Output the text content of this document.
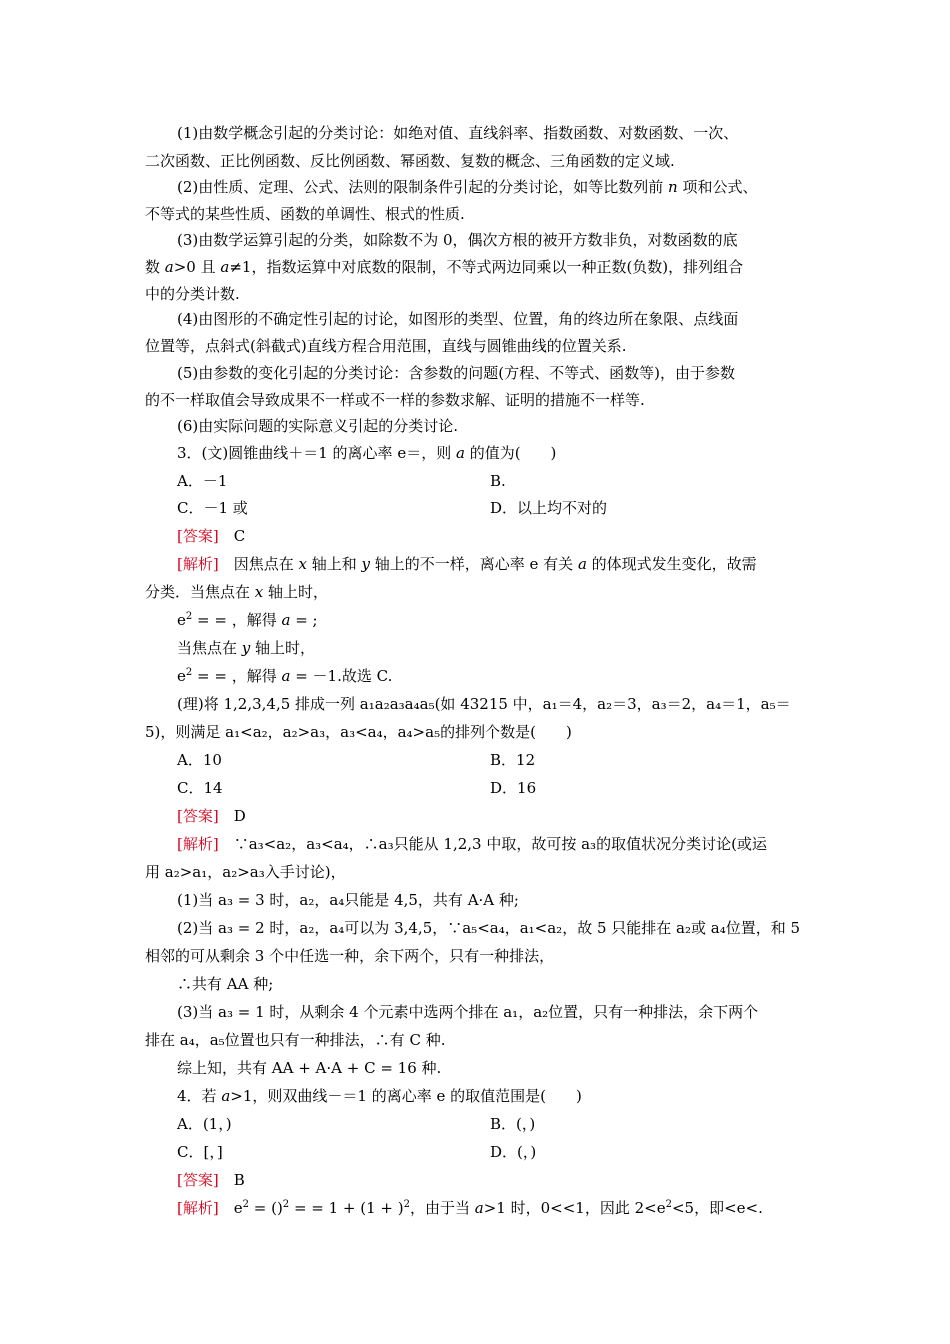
(1)由数学概念引起的分类讨论：如绝对值、直线斜率、指数函数、对数函数、一次、
二次函数、正比例函数、反比例函数、幂函数、复数的概念、三角函数的定义域.
(2)由性质、定理、公式、法则的限制条件引起的分类讨论，如等比数列前 n 项和公式、
不等式的某些性质、函数的单调性、根式的性质.
(3)由数学运算引起的分类，如除数不为 0，偶次方根的被开方数非负，对数函数的底
数 a>0 且 a≠1，指数运算中对底数的限制，不等式两边同乘以一种正数(负数)，排列组合
中的分类计数.
(4)由图形的不确定性引起的讨论，如图形的类型、位置，角的终边所在象限、点线面
位置等，点斜式(斜截式)直线方程合用范围，直线与圆锥曲线的位置关系.
(5)由参数的变化引起的分类讨论：含参数的问题(方程、不等式、函数等)，由于参数
的不一样取值会导致成果不一样或不一样的参数求解、证明的措施不一样等.
(6)由实际问题的实际意义引起的分类讨论.
3．(文)圆锥曲线＋＝1 的离心率 e＝，则 a 的值为(　　)
A．－1	B.
C．－1 或	D．以上均不对的
[答案]　C
[解析]　因焦点在 x 轴上和 y 轴上的不一样，离心率 e 有关 a 的体现式发生变化，故需
分类．当焦点在 x 轴上时，
$e^2$ = = ，解得 a = ;
当焦点在 y 轴上时，
$e^2$ = = ，解得 a = －1.故选 C.
(理)将 1,2,3,4,5 排成一列 a₁a₂a₃a₄a₅(如 43215 中，a₁＝4，a₂＝3，a₃＝2，a₄＝1，a₅＝
5)，则满足 a₁<a₂，a₂>a₃，a₃<a₄，a₄>a₅的排列个数是(　　)
A．10	B．12
C．14	D．16
[答案]　D
[解析]　∵a₃<a₂，a₃<a₄，∴a₃只能从 1,2,3 中取，故可按 a₃的取值状况分类讨论(或运
用 a₂>a₁，a₂>a₃入手讨论)，
(1)当 a₃ = 3 时，a₂，a₄只能是 4,5，共有 A·A 种;
(2)当 a₃ = 2 时，a₂，a₄可以为 3,4,5，∵a₅<a₄，a₁<a₂，故 5 只能排在 a₂或 a₄位置，和 5
相邻的可从剩余 3 个中任选一种，余下两个，只有一种排法，
∴共有 AA 种;
(3)当 a₃ = 1 时，从剩余 4 个元素中选两个排在 a₁，a₂位置，只有一种排法，余下两个
排在 a₄，a₅位置也只有一种排法，∴有 C 种.
综上知，共有 AA + A·A + C = 16 种.
4．若 a>1，则双曲线－＝1 的离心率 e 的取值范围是(　　)
A．(1，)	B．(，)
C．[，]	D．(，)
[答案]　B
[解析]　$e^2 = ()^2$ = = $1 + (1 + )^2$，由于当 a>1 时，0<<1，因此 $2<e^2<5$，即<e<.
